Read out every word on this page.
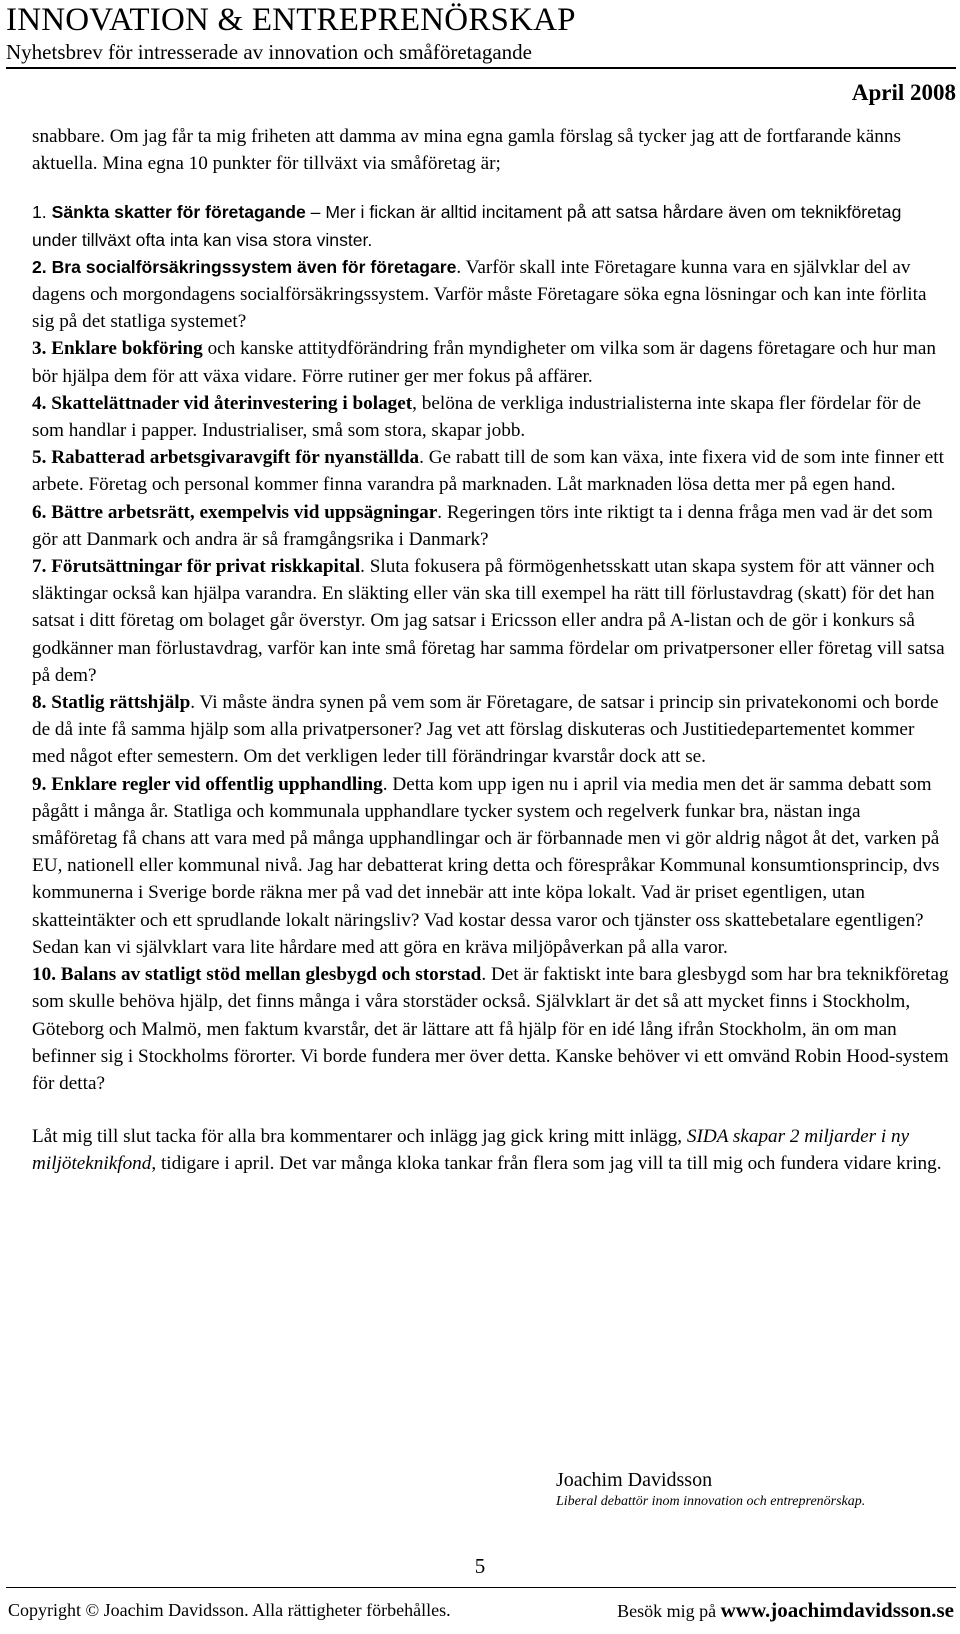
INNOVATION & ENTREPRENÖRSKAP
Nyhetsbrev för intresserade av innovation och småföretagande
April 2008

snabbare. Om jag får ta mig friheten att damma av mina egna gamla förslag så tycker jag att de fortfarande känns aktuella. Mina egna 10 punkter för tillväxt via småföretag är;

1. Sänkta skatter för företagande – Mer i fickan är alltid incitament på att satsa hårdare även om teknikföretag under tillväxt ofta inta kan visa stora vinster.

2. Bra socialförsäkringssystem även för företagare. Varför skall inte Företagare kunna vara en självklar del av dagens och morgondagens socialförsäkringssystem. Varför måste Företagare söka egna lösningar och kan inte förlita sig på det statliga systemet?

3. Enklare bokföring och kanske attitydförändring från myndigheter om vilka som är dagens företagare och hur man bör hjälpa dem för att växa vidare. Förre rutiner ger mer fokus på affärer.

4. Skattelättnader vid återinvestering i bolaget, belöna de verkliga industrialisterna inte skapa fler fördelar för de som handlar i papper. Industrialiser, små som stora, skapar jobb.

5. Rabatterad arbetsgivaravgift för nyanställda. Ge rabatt till de som kan växa, inte fixera vid de som inte finner ett arbete. Företag och personal kommer finna varandra på marknaden. Låt marknaden lösa detta mer på egen hand.

6. Bättre arbetsrätt, exempelvis vid uppsägningar. Regeringen törs inte riktigt ta i denna fråga men vad är det som gör att Danmark och andra är så framgångsrika i Danmark?

7. Förutsättningar för privat riskkapital. Sluta fokusera på förmögenhetsskatt utan skapa system för att vänner och släktingar också kan hjälpa varandra. En släkting eller vän ska till exempel ha rätt till förlustavdrag (skatt) för det han satsat i ditt företag om bolaget går överstyr. Om jag satsar i Ericsson eller andra på A-listan och de gör i konkurs så godkänner man förlustavdrag, varför kan inte små företag har samma fördelar om privatpersoner eller företag vill satsa på dem?

8. Statlig rättshjälp. Vi måste ändra synen på vem som är Företagare, de satsar i princip sin privatekonomi och borde de då inte få samma hjälp som alla privatpersoner? Jag vet att förslag diskuteras och Justitiedepartementet kommer med något efter semestern. Om det verkligen leder till förändringar kvarstår dock att se.

9. Enklare regler vid offentlig upphandling. Detta kom upp igen nu i april via media men det är samma debatt som pågått i många år. Statliga och kommunala upphandlare tycker system och regelverk funkar bra, nästan inga småföretag få chans att vara med på många upphandlingar och är förbannade men vi gör aldrig något åt det, varken på EU, nationell eller kommunal nivå. Jag har debatterat kring detta och förespråkar Kommunal konsumtionsprincip, dvs kommunerna i Sverige borde räkna mer på vad det innebär att inte köpa lokalt. Vad är priset egentligen, utan skatteintäkter och ett sprudlande lokalt näringsliv? Vad kostar dessa varor och tjänster oss skattebetalare egentligen? Sedan kan vi självklart vara lite hårdare med att göra en kräva miljöpåverkan på alla varor.

10. Balans av statligt stöd mellan glesbygd och storstad. Det är faktiskt inte bara glesbygd som har bra teknikföretag som skulle behöva hjälp, det finns många i våra storstäder också. Självklart är det så att mycket finns i Stockholm, Göteborg och Malmö, men faktum kvarstår, det är lättare att få hjälp för en idé lång ifrån Stockholm, än om man befinner sig i Stockholms förorter. Vi borde fundera mer över detta. Kanske behöver vi ett omvänd Robin Hood-system för detta?

Låt mig till slut tacka för alla bra kommentarer och inlägg jag gick kring mitt inlägg, SIDA skapar 2 miljarder i ny miljöteknikfond, tidigare i april. Det var många kloka tankar från flera som jag vill ta till mig och fundera vidare kring.

Joachim Davidsson
Liberal debattör inom innovation och entreprenörskap.
5
Copyright © Joachim Davidsson. Alla rättigheter förbehålles.	Besök mig på www.joachimdavidsson.se
